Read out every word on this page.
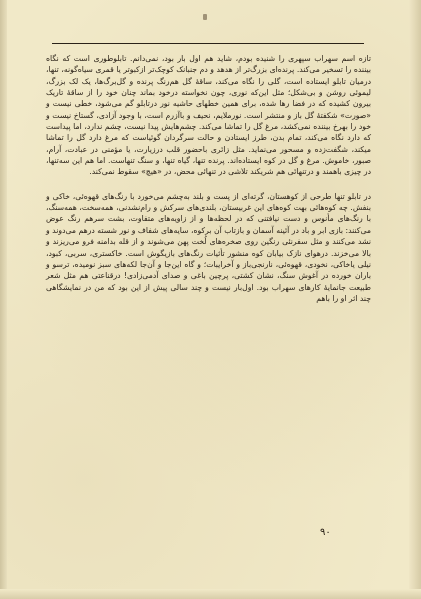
تازه اسم سهراب سپهری را شنیده بودم، شاید هم اول بار بود، نمی‌دانم. تابلوطوری است که نگاه بیننده را تسخیر می‌کند. پرنده‌ای بزرگ‌تر از هدهد و دم جنبانک کوچک‌تر ازکبوتر یا قمری سیاه‌گونه، تنها، درمیان تابلو ایستاده است، گلی را نگاه می‌کند، ساقهٔ گل هم‌رنگ پرنده و گل‌برگ‌ها، یک لک بزرگ، لیموئی روشن و بی‌شکل؛ مثل این‌که نوری، چون نخواسته درخود بماند چنان خود را از ساقهٔ تاریک بیرون کشیده که در فضا رها شده، برای همین خطهای حاشیه نور درتابلو گم می‌شود، خطی نیست و «صورت» شکفتهٔ گل باز و منتشر است. نورملایم، نحیف و باآزرم است، با وجود آزادی، گستاخ نیست و خود را بهرخ بیننده نمی‌کشد، مرغ گل را تماشا می‌کند. چشم‌هایش پیدا نیست، چشم ندارد، اما پیداست که دارد نگاه می‌کند، تمام بدن، طرز ایستادن و حالت سرگردان گوئیاست که مرغ دارد گل را تماشا میکند، شگفت‌زده و مسحور می‌نماید. مثل زائری باحضور قلب درزیارت، یا مؤمنی در عبادت، آرام، صبور، خاموش. مرغ و گل در کوه ایستاده‌اند. پرنده تنها، گیاه تنها، و سنگ تنهاست. اما هم این سه‌تنها، در چیزی باهمند و درتنهائی هم شریکند تلاشی در تنهائی محض، در «هیچ» سقوط نمی‌کند.

در تابلو تنها طرحی از کوهستان، گرته‌ای از پست و بلند به‌چشم می‌خورد با رنگ‌های قهوه‌ئی، خاکی و بنفش. چه کوه‌هائی‌ بهت کوه‌های این غربیستان، بلندی‌های سرکش و رام‌نشدنی، همه‌سخت، همه‌سنگ، با رنگ‌های مأنوس و دست نیافتنی که در لحظه‌ها و از زاویه‌های متفاوت، بشت سرهم رنگ عوض می‌کنند: بازی ابر و باد در آئینه آسمان و بازتاب آن برکوه، سایه‌های شفاف و نور شسته درهم می‌دوند و نشد می‌کنند و مثل سفرنئی رنگین روی صخره‌های لُخت پهن می‌شوند و از قله بدامنه فرو می‌ریزند و بالا می‌خزند. درهوای نازک بیابان کوه منشور تأثیات رنگ‌های بازیگوش است. خاکستری، سربی، کبود، نیلی یاخاکی، نخودی، قهوه‌ئی، نارنجی‌باز و آخرایبات؛ و گاه این‌جا و آن‌جا لکه‌های سبز نومیده، ترسو و باران خورده در آغوش سنگ، نشان کشتی، پرچین باغی و صدای آدمی‌زادی! درقناعتی هم مثل شعر طبیعت جانمایهٔ کارهای سهراب بود. اول‌بار نیست و چند سالی پیش از این بود که من در نمایشگاهی چند اثر او را باهم

۹۰
